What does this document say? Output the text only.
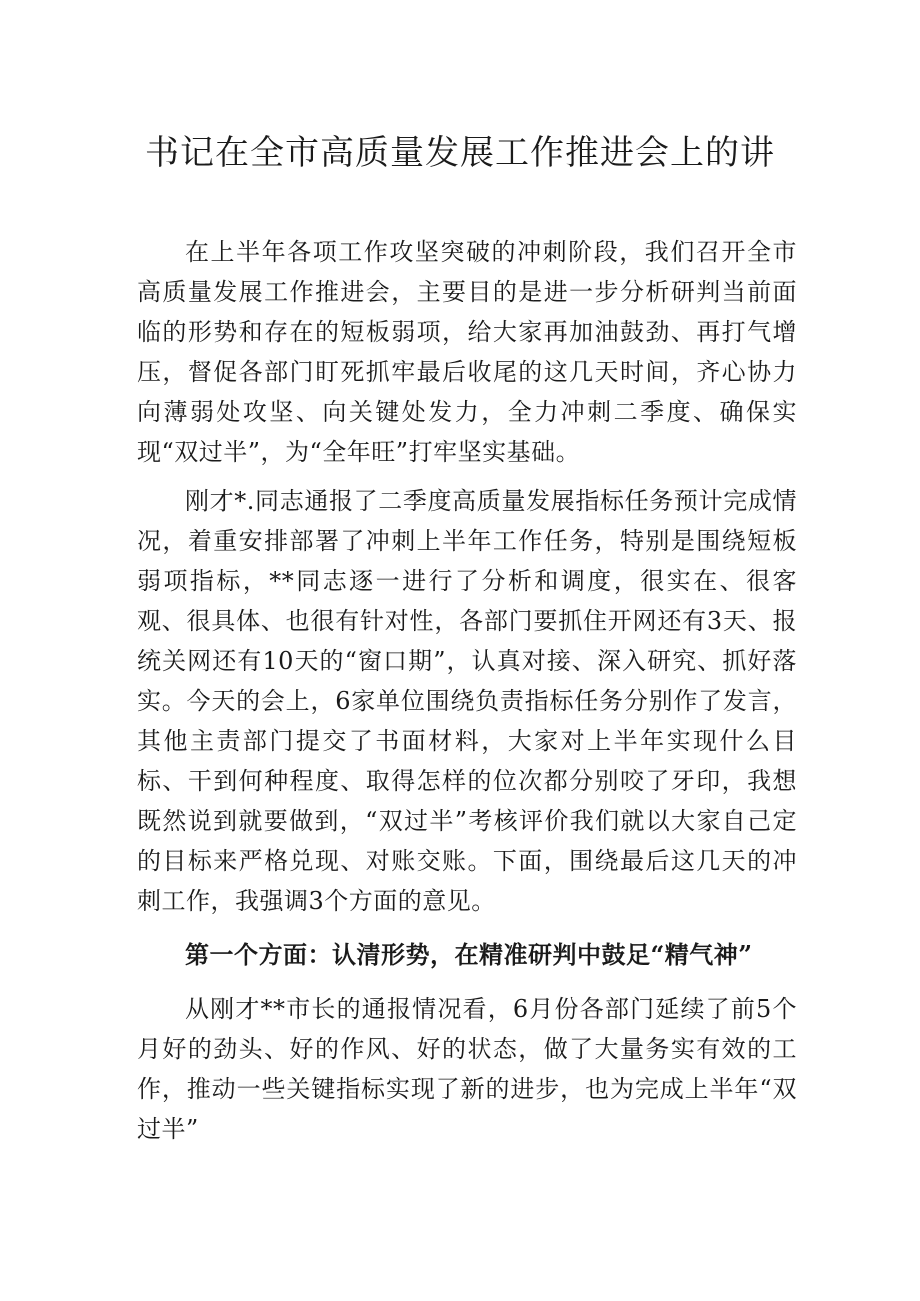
书记在全市高质量发展工作推进会上的讲

在上半年各项工作攻坚突破的冲刺阶段，我们召开全市高质量发展工作推进会，主要目的是进一步分析研判当前面临的形势和存在的短板弱项，给大家再加油鼓劲、再打气增压，督促各部门盯死抓牢最后收尾的这几天时间，齐心协力向薄弱处攻坚、向关键处发力，全力冲刺二季度、确保实现“双过半”，为“全年旺”打牢坚实基础。

刚才*.同志通报了二季度高质量发展指标任务预计完成情况，着重安排部署了冲刺上半年工作任务，特别是围绕短板弱项指标，**同志逐一进行了分析和调度，很实在、很客观、很具体、也很有针对性，各部门要抓住开网还有3天、报统关网还有10天的“窗口期”，认真对接、深入研究、抓好落实。今天的会上，6家单位围绕负责指标任务分别作了发言，其他主责部门提交了书面材料，大家对上半年实现什么目标、干到何种程度、取得怎样的位次都分别咬了牙印，我想既然说到就要做到，“双过半”考核评价我们就以大家自己定的目标来严格兑现、对账交账。下面，围绕最后这几天的冲刺工作，我强调3个方面的意见。

第一个方面：认清形势，在精准研判中鼓足“精气神”

从刚才**市长的通报情况看，6月份各部门延续了前5个月好的劲头、好的作风、好的状态，做了大量务实有效的工作，推动一些关键指标实现了新的进步，也为完成上半年“双过半”
